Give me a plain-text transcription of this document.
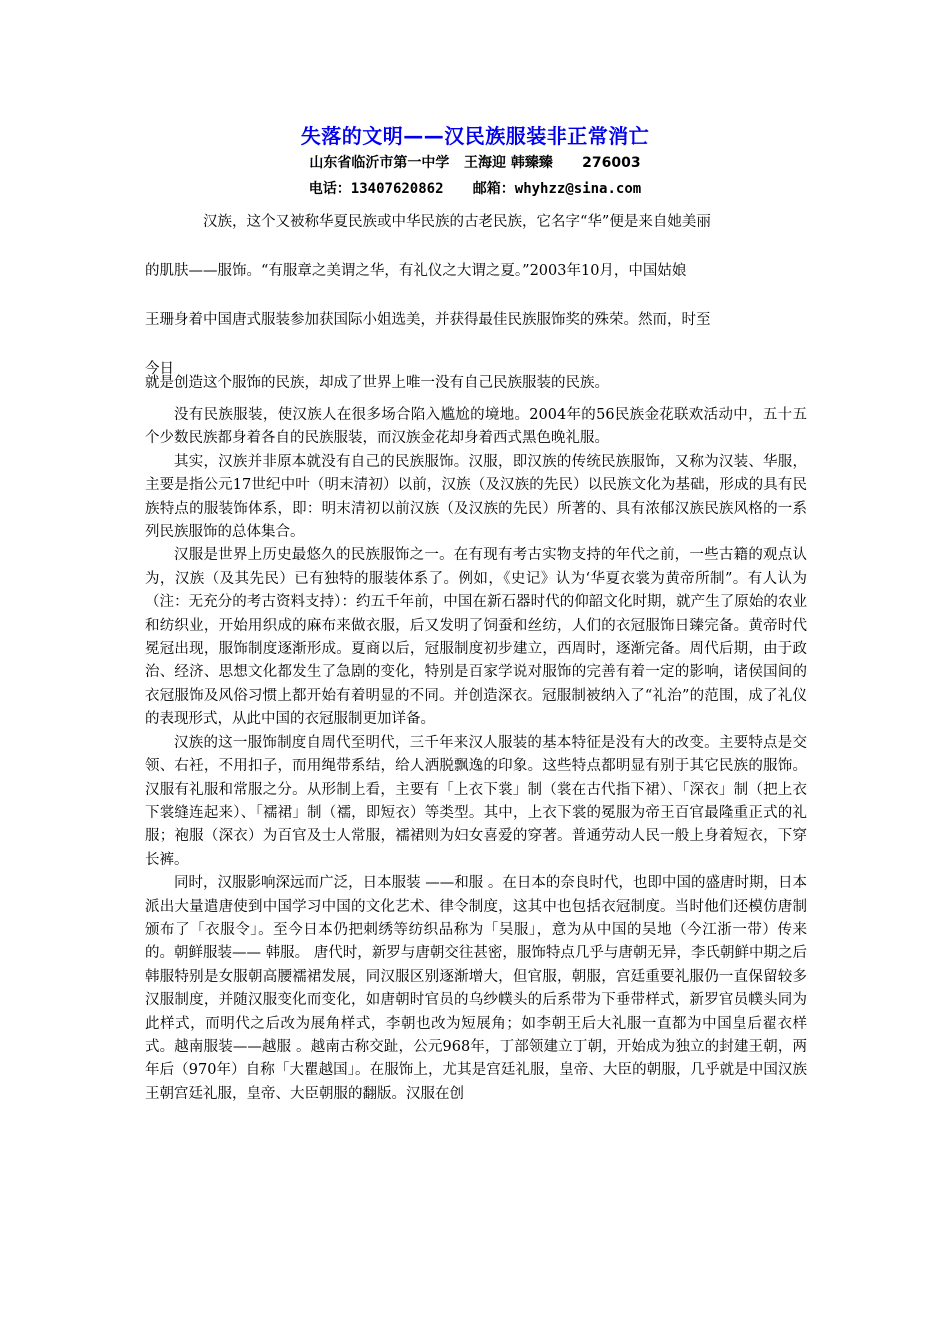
失落的文明——汉民族服装非正常消亡
山东省临沂市第一中学   王海迎 韩臻臻      276003
电话：13407620862 邮箱：whyhzz@sina.com
汉族，这个又被称华夏民族或中华民族的古老民族，它名字“华”便是来自她美丽
的肌肤——服饰。“有服章之美谓之华，有礼仪之大谓之夏。”2003年10月，中国姑娘
王珊身着中国唐式服装参加获国际小姐选美，并获得最佳民族服饰奖的殊荣。然而，时至
今日
就是创造这个服饰的民族，却成了世界上唯一没有自己民族服装的民族。

没有民族服装，使汉族人在很多场合陷入尴尬的境地。2004年的56民族金花联欢活动中，五十五个少数民族都身着各自的民族服装，而汉族金花却身着西式黑色晚礼服。

其实，汉族并非原本就没有自己的民族服饰。汉服，即汉族的传统民族服饰，又称为汉装、华服，主要是指公元17世纪中叶（明末清初）以前，汉族（及汉族的先民）以民族文化为基础，形成的具有民族特点的服装饰体系，即：明末清初以前汉族（及汉族的先民）所著的、具有浓郁汉族民族风格的一系列民族服饰的总体集合。

汉服是世界上历史最悠久的民族服饰之一。在有现有考古实物支持的年代之前，一些古籍的观点认为，汉族（及其先民）已有独特的服装体系了。例如，《史记》认为‘华夏衣裳为黄帝所制”。有人认为（注：无充分的考古资料支持）：约五千年前，中国在新石器时代的仰韶文化时期，就产生了原始的农业和纺织业，开始用织成的麻布来做衣服，后又发明了饲蚕和丝纺，人们的衣冠服饰日臻完备。黄帝时代冕冠出现，服饰制度逐渐形成。夏商以后，冠服制度初步建立，西周时，逐渐完备。周代后期，由于政治、经济、思想文化都发生了急剧的变化，特别是百家学说对服饰的完善有着一定的影响，诸侯国间的衣冠服饰及风俗习惯上都开始有着明显的不同。并创造深衣。冠服制被纳入了“礼治”的范围，成了礼仪的表现形式，从此中国的衣冠服制更加详备。

汉族的这一服饰制度自周代至明代，三千年来汉人服装的基本特征是没有大的改变。主要特点是交领、右衽，不用扣子，而用绳带系结，给人洒脱飘逸的印象。这些特点都明显有别于其它民族的服饰。汉服有礼服和常服之分。从形制上看，主要有「上衣下裳」制（裳在古代指下裙）、「深衣」制（把上衣下裳缝连起来）、「襦裙」制（襦，即短衣）等类型。其中，上衣下裳的冕服为帝王百官最隆重正式的礼服；袍服（深衣）为百官及士人常服，襦裙则为妇女喜爱的穿著。普通劳动人民一般上身着短衣，下穿长裤。

同时，汉服影响深远而广泛，日本服装 ——和服 。在日本的奈良时代，也即中国的盛唐时期，日本派出大量遣唐使到中国学习中国的文化艺术、律令制度，这其中也包括衣冠制度。当时他们还模仿唐制颁布了「衣服令」。至今日本仍把刺绣等纺织品称为「吴服」，意为从中国的吴地（今江浙一带）传来的。朝鲜服装—— 韩服。 唐代时，新罗与唐朝交往甚密，服饰特点几乎与唐朝无异，李氏朝鲜中期之后韩服特别是女服朝高腰襦裙发展，同汉服区别逐渐增大，但官服，朝服，宫廷重要礼服仍一直保留较多汉服制度，并随汉服变化而变化，如唐朝时官员的乌纱幞头的后系带为下垂带样式，新罗官员幞头同为此样式，而明代之后改为展角样式，李朝也改为短展角；如李朝王后大礼服一直都为中国皇后翟衣样式。越南服装——越服 。越南古称交趾，公元968年，丁部领建立丁朝，开始成为独立的封建王朝，两年后（970年）自称「大瞿越国」。在服饰上，尤其是宫廷礼服，皇帝、大臣的朝服，几乎就是中国汉族王朝宫廷礼服，皇帝、大臣朝服的翻版。汉服在创
